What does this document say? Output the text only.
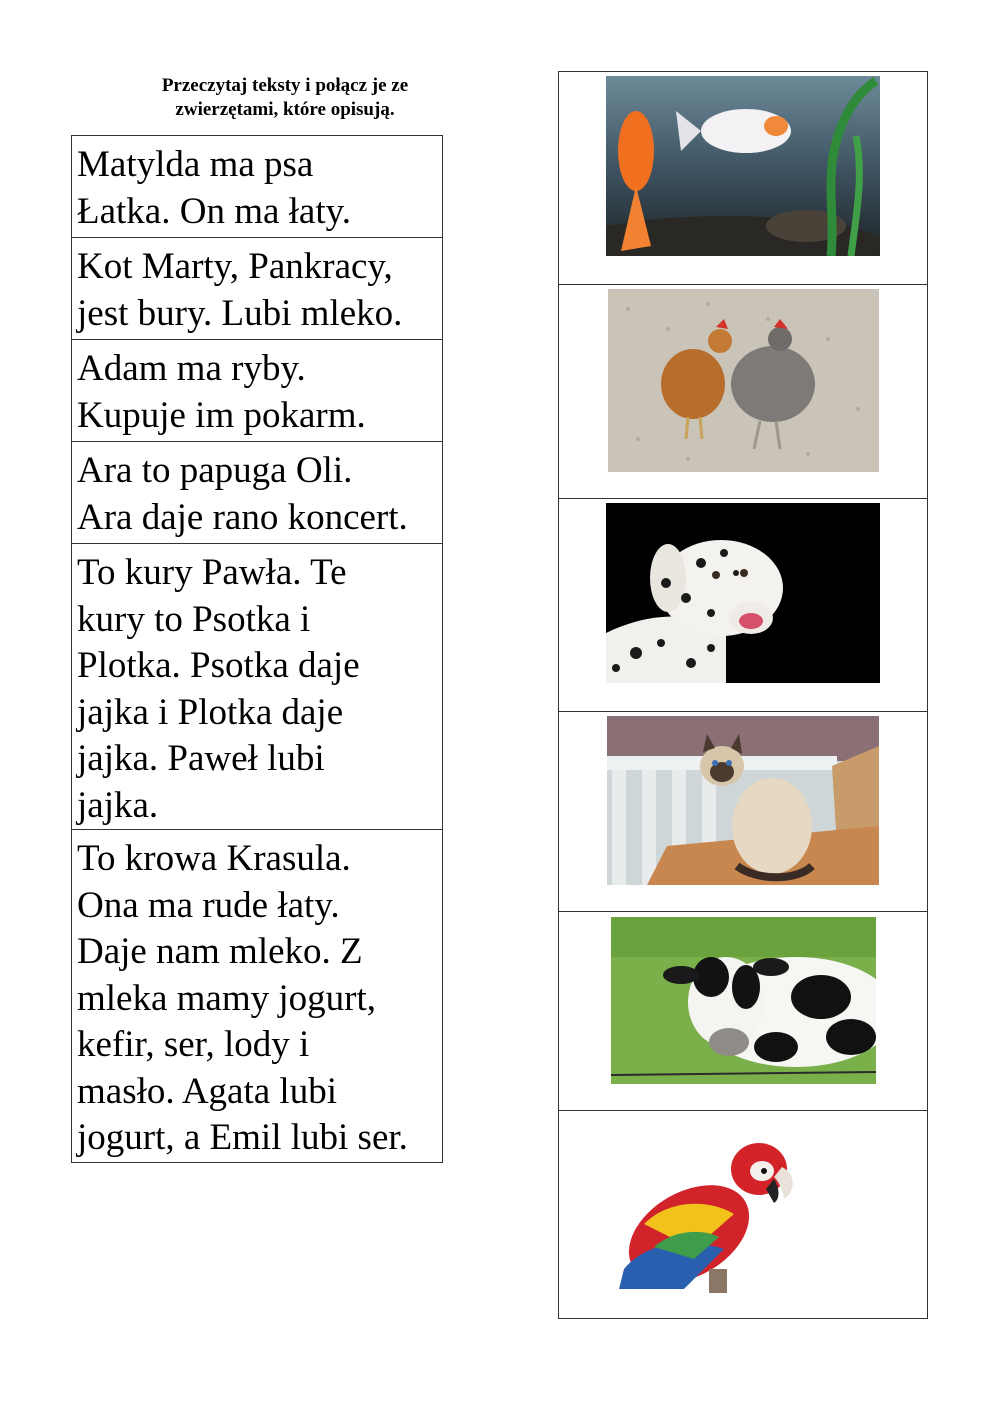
Przeczytaj teksty i połącz je ze
zwierzętami, które opisują.
Matylda ma psa
Łatka. On ma łaty.
Kot Marty, Pankracy,
jest bury. Lubi mleko.
Adam ma ryby.
Kupuje im pokarm.
Ara to papuga Oli.
Ara daje rano koncert.
To kury Pawła. Te
kury to Psotka i
Plotka. Psotka daje
jajka i Plotka daje
jajka. Paweł lubi
jajka.
To krowa Krasula.
Ona ma rude łaty.
Daje nam mleko. Z
mleka mamy jogurt,
kefir, ser, lody i
masło. Agata lubi
jogurt, a Emil lubi ser.
